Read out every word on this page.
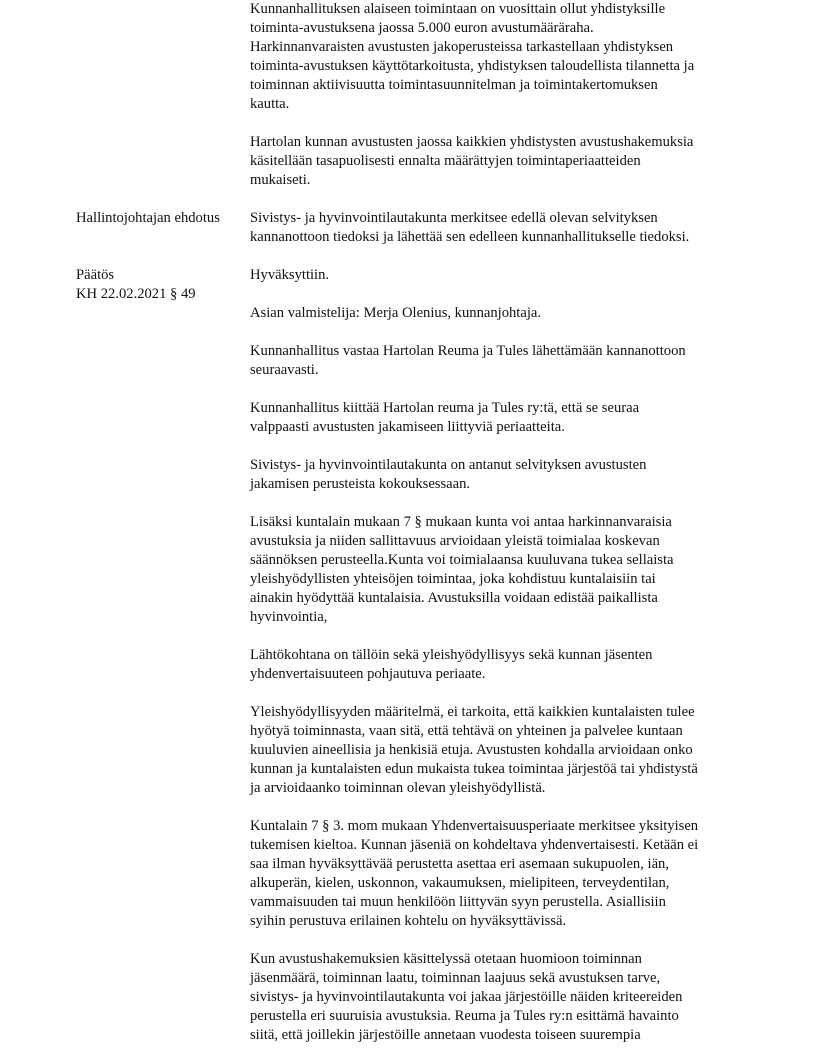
Kunnanhallituksen alaiseen toimintaan on vuosittain ollut yhdistyksille
toiminta-avustuksena jaossa 5.000 euron avustumääräraha.
Harkinnanvaraisten avustusten jakoperusteissa tarkastellaan yhdistyksen
toiminta-avustuksen käyttötarkoitusta, yhdistyksen taloudellista tilannetta ja
toiminnan aktiivisuutta toimintasuunnitelman ja toimintakertomuksen
kautta.

Hartolan kunnan avustusten jaossa kaikkien yhdistysten avustushakemuksia
käsitellään tasapuolisesti ennalta määrättyjen toimintaperiaatteiden
mukaiseti.

Hallintojohtajan ehdotus Sivistys- ja hyvinvointilautakunta merkitsee edellä olevan selvityksen
kannanottoon tiedoksi ja lähettää sen edelleen kunnanhallitukselle tiedoksi.

Päätös
KH 22.02.2021 § 49

Hyväksyttiin.

Asian valmistelija: Merja Olenius, kunnanjohtaja.

Kunnanhallitus vastaa Hartolan Reuma ja Tules lähettämään kannanottoon
seuraavasti.

Kunnanhallitus kiittää Hartolan reuma ja Tules ry:tä, että se seuraa
valppaasti avustusten jakamiseen liittyviä periaatteita.

Sivistys- ja hyvinvointilautakunta on antanut selvityksen avustusten
jakamisen perusteista kokouksessaan.

Lisäksi kuntalain mukaan 7 § mukaan kunta voi antaa harkinnanvaraisia
avustuksia ja niiden sallittavuus arvioidaan yleistä toimialaa koskevan
säännöksen perusteella.Kunta voi toimialaansa kuuluvana tukea sellaista
yleishyödyllisten yhteisöjen toimintaa, joka kohdistuu kuntalaisiin tai
ainakin hyödyttää kuntalaisia. Avustuksilla voidaan edistää paikallista
hyvinvointia,

Lähtökohtana on tällöin sekä yleishyödyllisyys sekä kunnan jäsenten
yhdenvertaisuuteen pohjautuva periaate.

Yleishyödyllisyyden määritelmä, ei tarkoita, että kaikkien kuntalaisten tulee
hyötyä toiminnasta, vaan sitä, että tehtävä on yhteinen ja palvelee kuntaan
kuuluvien aineellisia ja henkisiä etuja. Avustusten kohdalla arvioidaan onko
kunnan ja kuntalaisten edun mukaista tukea toimintaa järjestöä tai yhdistystä
ja arvioidaanko toiminnan olevan yleishyödyllistä.

Kuntalain 7 § 3. mom mukaan Yhdenvertaisuusperiaate merkitsee yksityisen
tukemisen kieltoa. Kunnan jäseniä on kohdeltava yhdenvertaisesti. Ketään ei
saa ilman hyväksyttävää perustetta asettaa eri asemaan sukupuolen, iän,
alkuperän, kielen, uskonnon, vakaumuksen, mielipiteen, terveydentilan,
vammaisuuden tai muun henkilöön liittyvän syyn perustella. Asiallisiin
syihin perustuva erilainen kohtelu on hyväksyttävissä.

Kun avustushakemuksien käsittelyssä otetaan huomioon toiminnan
jäsenmäärä, toiminnan laatu, toiminnan laajuus sekä avustuksen tarve,
sivistys- ja hyvinvointilautakunta voi jakaa järjestöille näiden kriteereiden
perustella eri suuruisia avustuksia. Reuma ja Tules ry:n esittämä havainto
siitä, että joillekin järjestöille annetaan vuodesta toiseen suurempia
